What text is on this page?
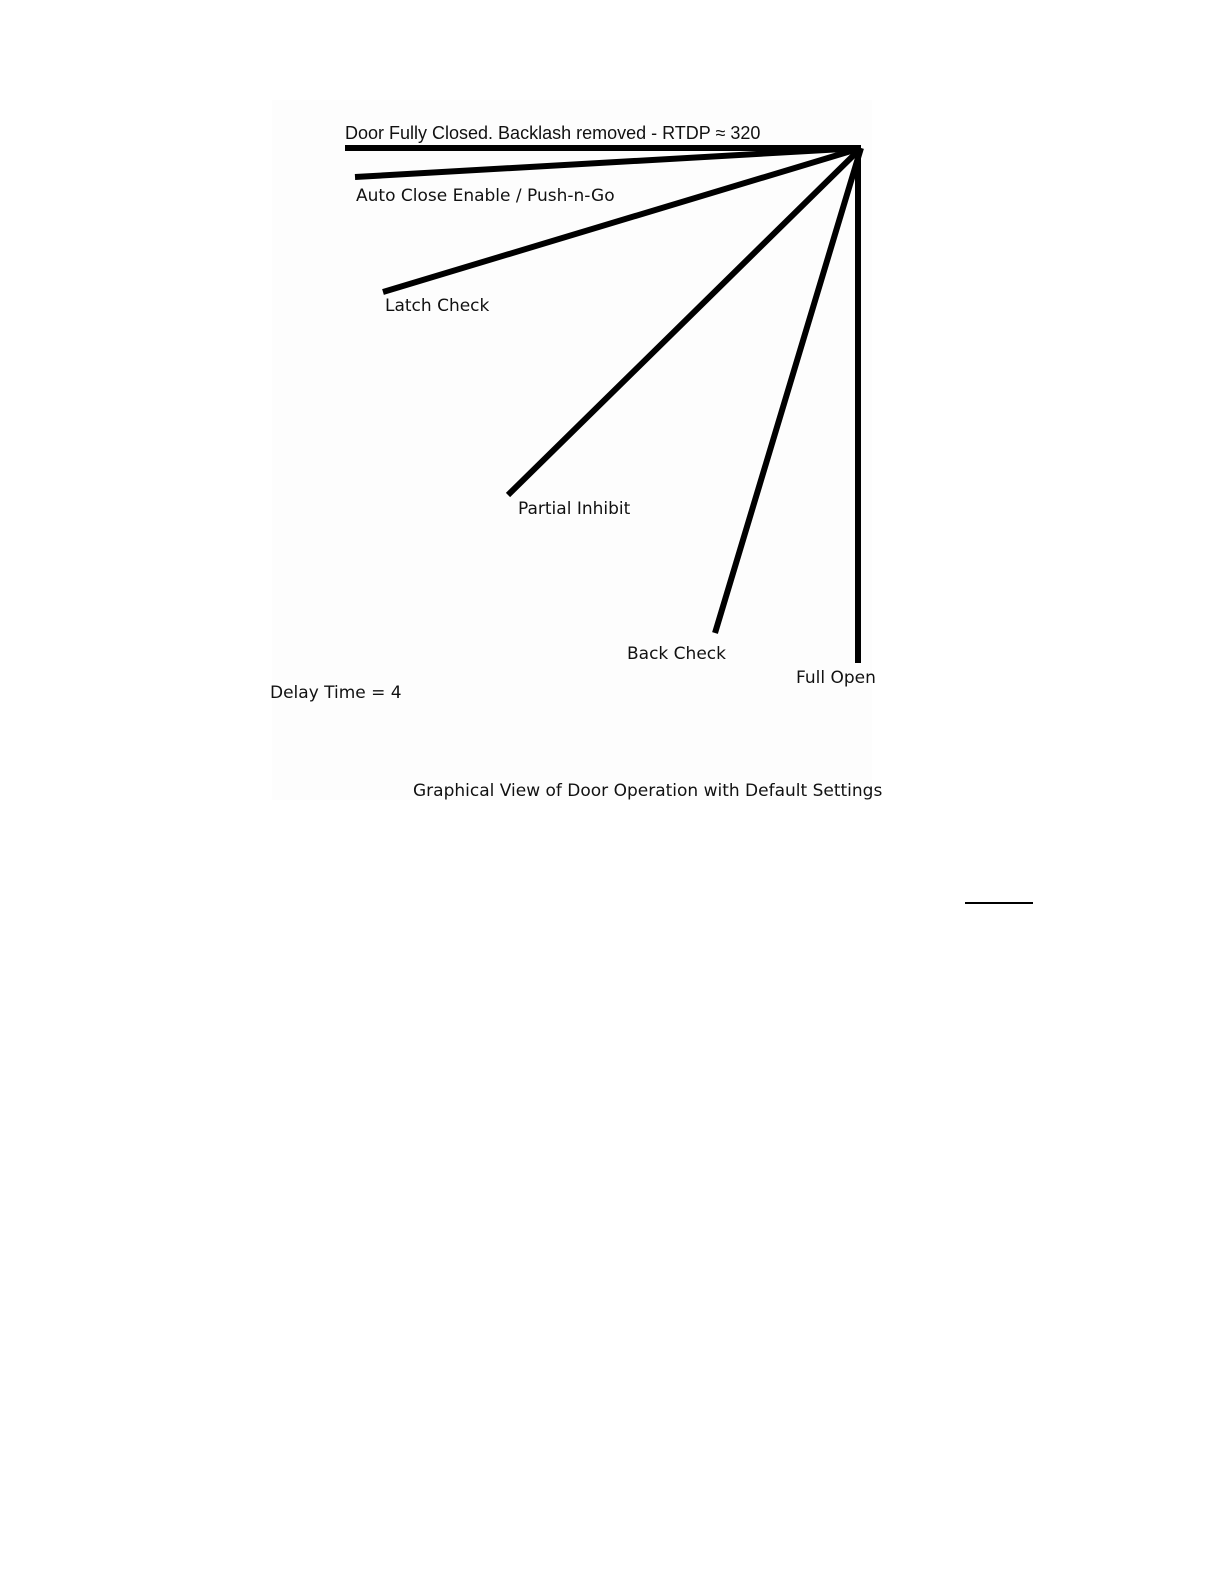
Door Fully Closed. Backlash removed - RTDP ≈ 320
Auto Close Enable / Push-n-Go
Latch Check
Partial Inhibit
Back Check
Full Open
Delay Time = 4
Graphical View of Door Operation with Default Settings
